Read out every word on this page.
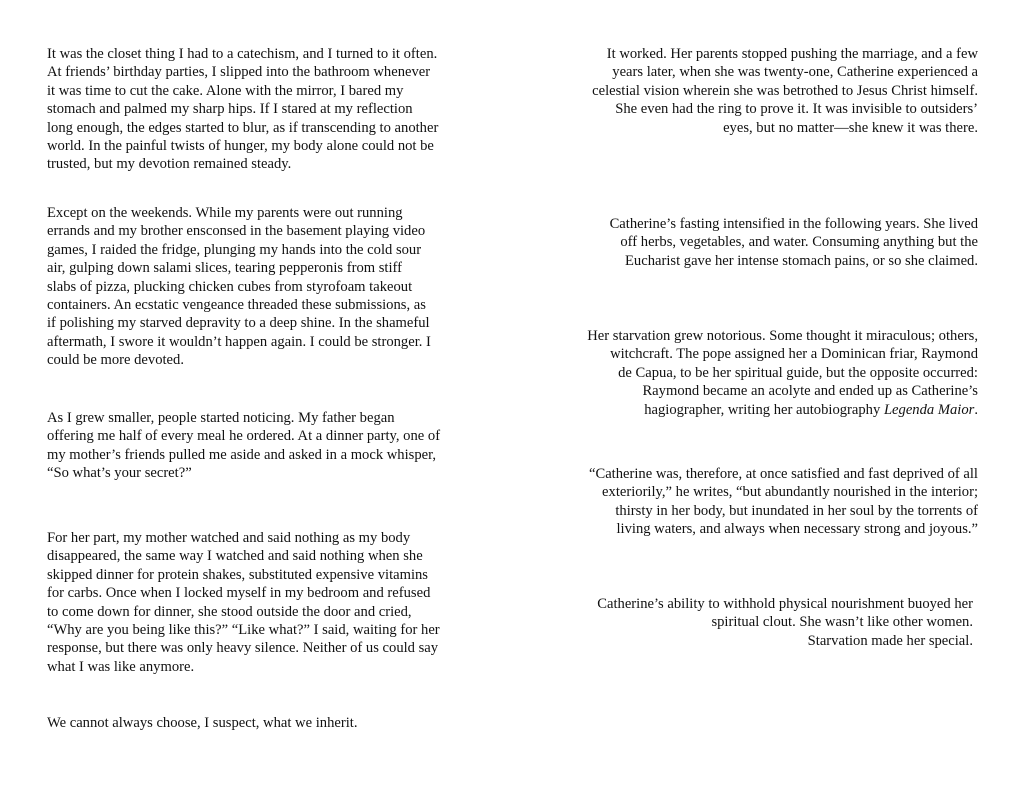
It was the closet thing I had to a catechism, and I turned to it often.
At friends’ birthday parties, I slipped into the bathroom whenever
it was time to cut the cake. Alone with the mirror, I bared my
stomach and palmed my sharp hips. If I stared at my reflection
long enough, the edges started to blur, as if transcending to another
world. In the painful twists of hunger, my body alone could not be
trusted, but my devotion remained steady.

Except on the weekends. While my parents were out running
errands and my brother ensconsed in the basement playing video
games, I raided the fridge, plunging my hands into the cold sour
air, gulping down salami slices, tearing pepperonis from stiff
slabs of pizza, plucking chicken cubes from styrofoam takeout
containers. An ecstatic vengeance threaded these submissions, as
if polishing my starved depravity to a deep shine. In the shameful
aftermath, I swore it wouldn’t happen again. I could be stronger. I
could be more devoted.

As I grew smaller, people started noticing. My father began
offering me half of every meal he ordered. At a dinner party, one of
my mother’s friends pulled me aside and asked in a mock whisper,
“So what’s your secret?”

For her part, my mother watched and said nothing as my body
disappeared, the same way I watched and said nothing when she
skipped dinner for protein shakes, substituted expensive vitamins
for carbs. Once when I locked myself in my bedroom and refused
to come down for dinner, she stood outside the door and cried,
“Why are you being like this?” “Like what?” I said, waiting for her
response, but there was only heavy silence. Neither of us could say
what I was like anymore.

We cannot always choose, I suspect, what we inherit.

It worked. Her parents stopped pushing the marriage, and a few
years later, when she was twenty-one, Catherine experienced a
celestial vision wherein she was betrothed to Jesus Christ himself.
She even had the ring to prove it. It was invisible to outsiders’
eyes, but no matter—she knew it was there.

Catherine’s fasting intensified in the following years. She lived
off herbs, vegetables, and water. Consuming anything but the
Eucharist gave her intense stomach pains, or so she claimed.

Her starvation grew notorious. Some thought it miraculous; others,
witchcraft. The pope assigned her a Dominican friar, Raymond
de Capua, to be her spiritual guide, but the opposite occurred:
Raymond became an acolyte and ended up as Catherine’s
hagiographer, writing her autobiography Legenda Maior.

“Catherine was, therefore, at once satisfied and fast deprived of all
exteriorily,” he writes, “but abundantly nourished in the interior;
thirsty in her body, but inundated in her soul by the torrents of
living waters, and always when necessary strong and joyous.”

Catherine’s ability to withhold physical nourishment buoyed her
spiritual clout. She wasn’t like other women.
Starvation made her special.
